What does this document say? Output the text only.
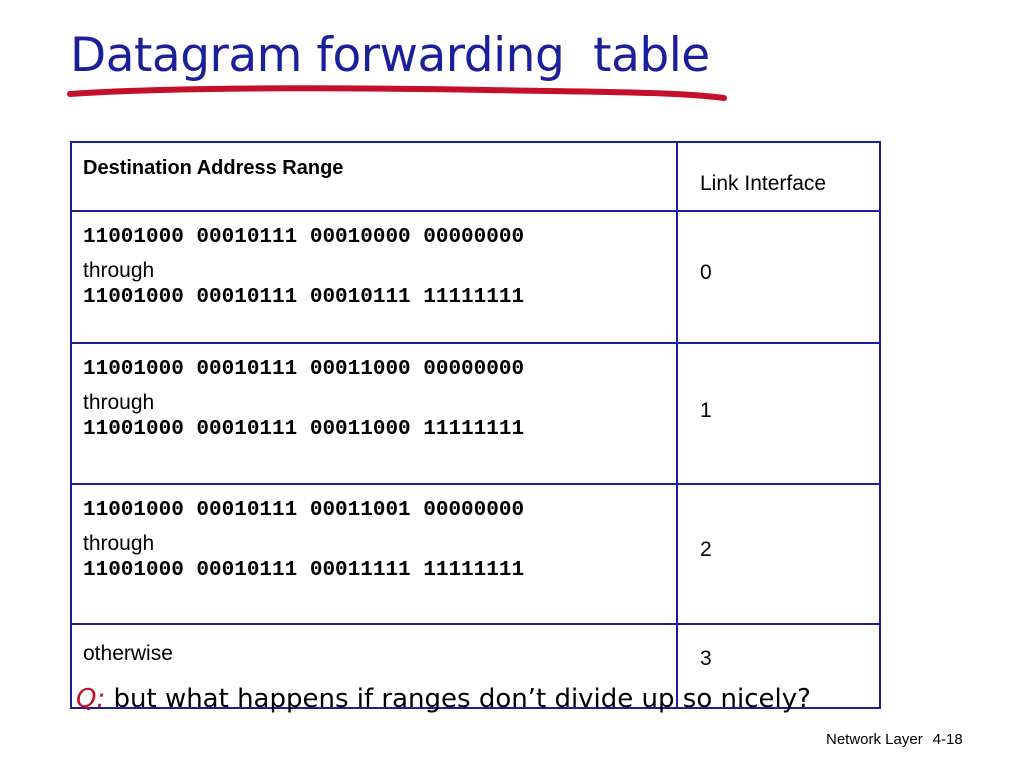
Datagram forwarding  table
Destination Address Range	Link Interface

11001000 00010111 00010000 00000000
through
11001000 00010111 00010111 11111111	0

11001000 00010111 00011000 00000000
through
11001000 00010111 00011000 11111111	1

11001000 00010111 00011001 00000000
through
11001000 00010111 00011111 11111111	2

otherwise	3
Q: but what happens if ranges don’t divide up so nicely?
Network Layer 4-18
